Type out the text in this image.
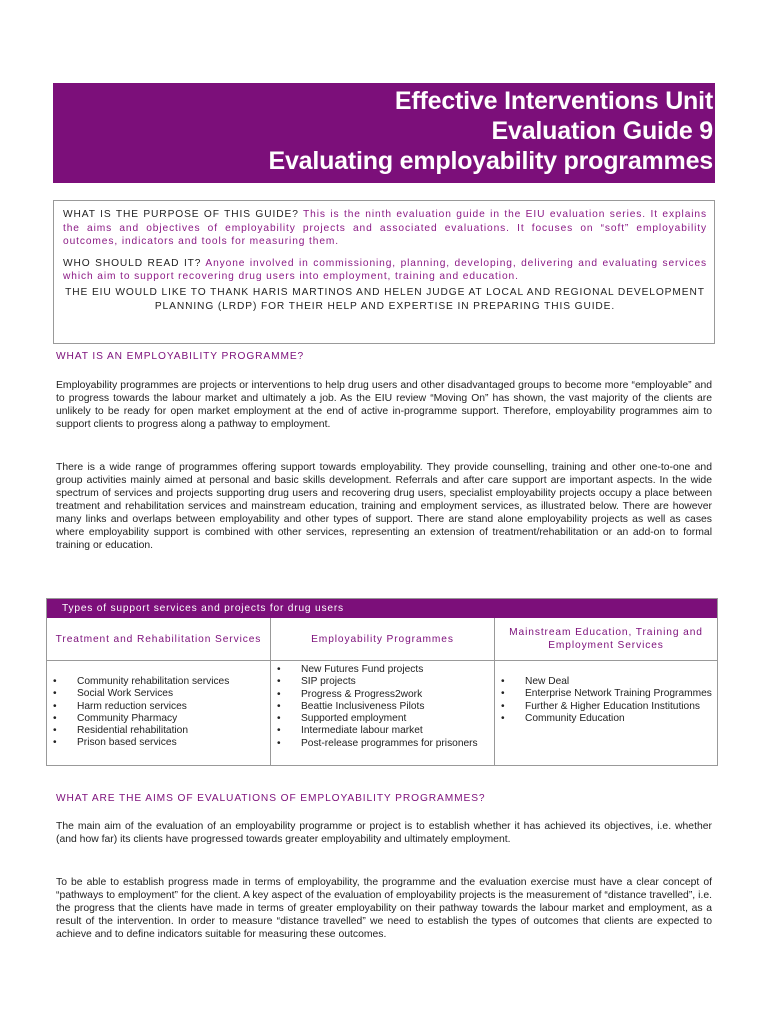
Effective Interventions Unit
Evaluation Guide 9
Evaluating employability programmes

WHAT IS THE PURPOSE OF THIS GUIDE? This is the ninth evaluation guide in the EIU evaluation series. It explains the aims and objectives of employability projects and associated evaluations. It focuses on “soft” employability outcomes, indicators and tools for measuring them.

WHO SHOULD READ IT? Anyone involved in commissioning, planning, developing, delivering and evaluating services which aim to support recovering drug users into employment, training and education.

THE EIU WOULD LIKE TO THANK HARIS MARTINOS AND HELEN JUDGE AT LOCAL AND REGIONAL DEVELOPMENT PLANNING (LRDP) FOR THEIR HELP AND EXPERTISE IN PREPARING THIS GUIDE.

WHAT IS AN EMPLOYABILITY PROGRAMME?

Employability programmes are projects or interventions to help drug users and other disadvantaged groups to become more “employable” and to progress towards the labour market and ultimately a job. As the EIU review “Moving On” has shown, the vast majority of the clients are unlikely to be ready for open market employment at the end of active in-programme support. Therefore, employability programmes aim to support clients to progress along a pathway to employment.

There is a wide range of programmes offering support towards employability. They provide counselling, training and other one-to-one and group activities mainly aimed at personal and basic skills development. Referrals and after care support are important aspects. In the wide spectrum of services and projects supporting drug users and recovering drug users, specialist employability projects occupy a place between treatment and rehabilitation services and mainstream education, training and employment services, as illustrated below. There are however many links and overlaps between employability and other types of support. There are stand alone employability projects as well as cases where employability support is combined with other services, representing an extension of treatment/rehabilitation or an add-on to formal training or education.

Types of support services and projects for drug users
Treatment and Rehabilitation Services
• Community rehabilitation services
• Social Work Services
• Harm reduction services
• Community Pharmacy
• Residential rehabilitation
• Prison based services
Employability Programmes
• New Futures Fund projects
• SIP projects
• Progress & Progress2work
• Beattie Inclusiveness Pilots
• Supported employment
• Intermediate labour market
• Post-release programmes for prisoners
Mainstream Education, Training and Employment Services
• New Deal
• Enterprise Network Training Programmes
• Further & Higher Education Institutions
• Community Education
WHAT ARE THE AIMS OF EVALUATIONS OF EMPLOYABILITY PROGRAMMES?

The main aim of the evaluation of an employability programme or project is to establish whether it has achieved its objectives, i.e. whether (and how far) its clients have progressed towards greater employability and ultimately employment.

To be able to establish progress made in terms of employability, the programme and the evaluation exercise must have a clear concept of “pathways to employment” for the client. A key aspect of the evaluation of employability projects is the measurement of “distance travelled”, i.e. the progress that the clients have made in terms of greater employability on their pathway towards the labour market and employment, as a result of the intervention. In order to measure “distance travelled” we need to establish the types of outcomes that clients are expected to achieve and to define indicators suitable for measuring these outcomes.
